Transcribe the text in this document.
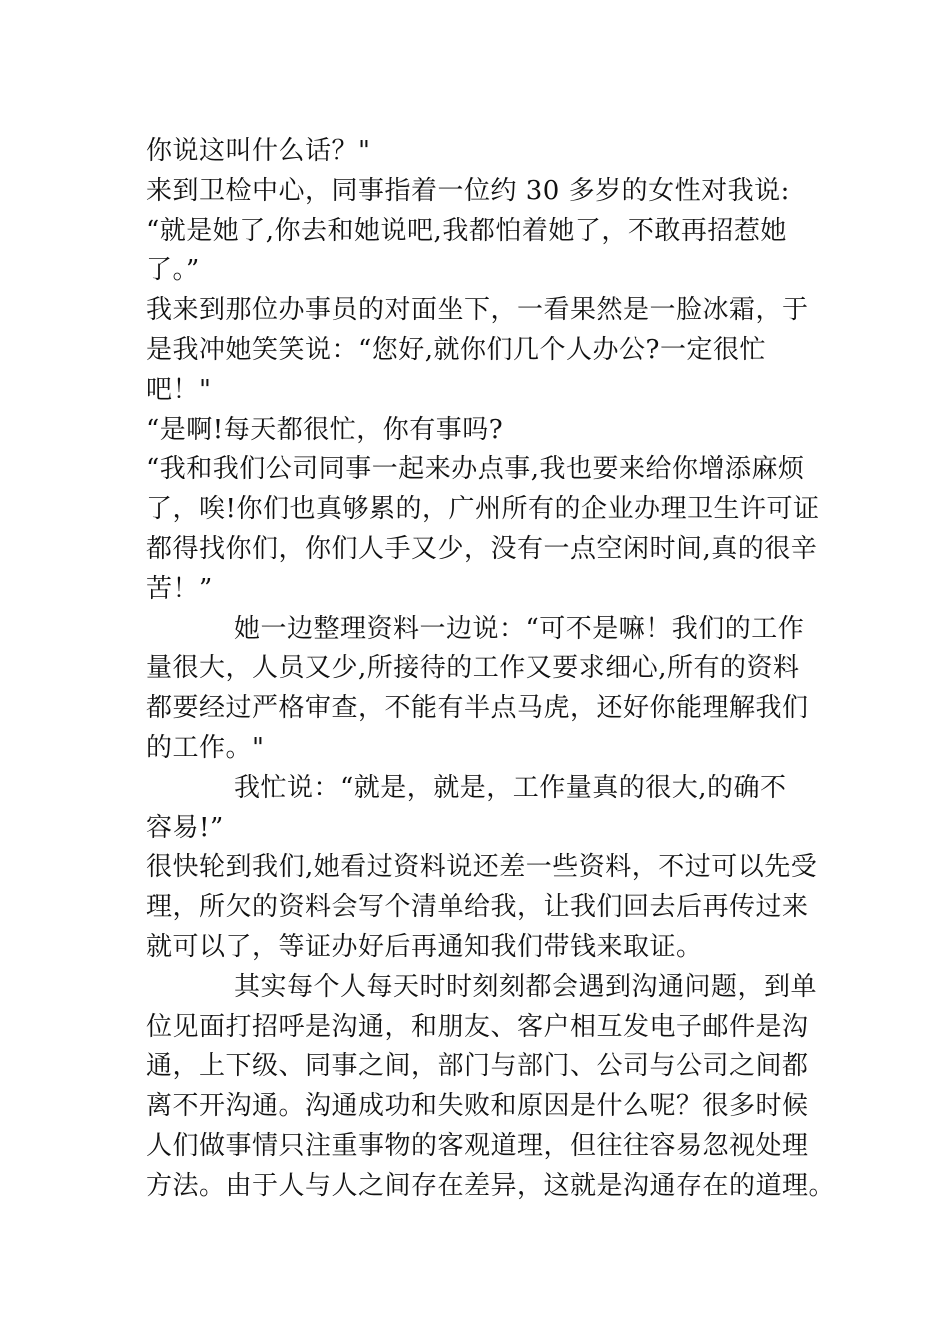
你说这叫什么话？"
来到卫检中心，同事指着一位约 30 多岁的女性对我说:
“就是她了,你去和她说吧,我都怕着她了，不敢再招惹她
了。”
我来到那位办事员的对面坐下，一看果然是一脸冰霜，于
是我冲她笑笑说：“您好,就你们几个人办公?一定很忙
吧！"
“是啊!每天都很忙，你有事吗?
“我和我们公司同事一起来办点事,我也要来给你增添麻烦
了，唉!你们也真够累的，广州所有的企业办理卫生许可证
都得找你们，你们人手又少，没有一点空闲时间,真的很辛
苦！”
她一边整理资料一边说：“可不是嘛！我们的工作
量很大，人员又少,所接待的工作又要求细心,所有的资料
都要经过严格审查，不能有半点马虎，还好你能理解我们
的工作。"
我忙说：“就是，就是，工作量真的很大,的确不
容易!”
很快轮到我们,她看过资料说还差一些资料，不过可以先受
理，所欠的资料会写个清单给我，让我们回去后再传过来
就可以了，等证办好后再通知我们带钱来取证。
其实每个人每天时时刻刻都会遇到沟通问题，到单
位见面打招呼是沟通，和朋友、客户相互发电子邮件是沟
通，上下级、同事之间，部门与部门、公司与公司之间都
离不开沟通。沟通成功和失败和原因是什么呢？很多时候
人们做事情只注重事物的客观道理，但往往容易忽视处理
方法。由于人与人之间存在差异，这就是沟通存在的道理。
